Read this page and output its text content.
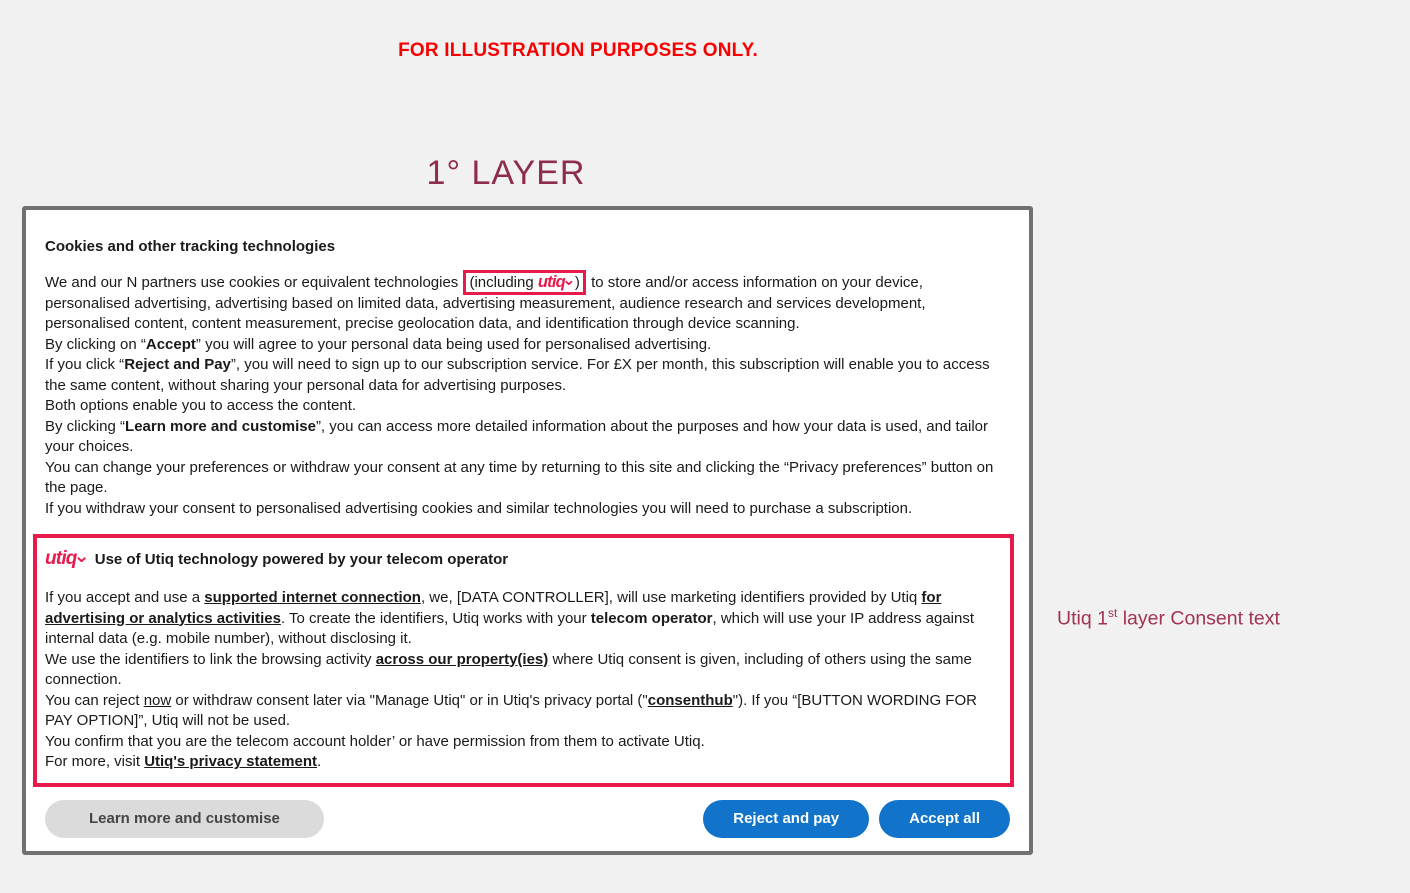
FOR ILLUSTRATION PURPOSES ONLY.
1° LAYER
Cookies and other tracking technologies
We and our N partners use cookies or equivalent technologies (including utiq ⌄ ) to store and/or access information on your device, personalised advertising, advertising based on limited data, advertising measurement, audience research and services development, personalised content, content measurement, precise geolocation data, and identification through device scanning.
By clicking on “Accept” you will agree to your personal data being used for personalised advertising.
If you click “Reject and Pay”, you will need to sign up to our subscription service. For £X per month, this subscription will enable you to access the same content, without sharing your personal data for advertising purposes.
Both options enable you to access the content.
By clicking “Learn more and customise”, you can access more detailed information about the purposes and how your data is used, and tailor your choices.
You can change your preferences or withdraw your consent at any time by returning to this site and clicking the “Privacy preferences” button on the page.
If you withdraw your consent to personalised advertising cookies and similar technologies you will need to purchase a subscription.
utiq ⌄ Use of Utiq technology powered by your telecom operator
If you accept and use a supported internet connection, we, [DATA CONTROLLER], will use marketing identifiers provided by Utiq for advertising or analytics activities. To create the identifiers, Utiq works with your telecom operator, which will use your IP address against internal data (e.g. mobile number), without disclosing it.
We use the identifiers to link the browsing activity across our property(ies) where Utiq consent is given, including of others using the same connection.
You can reject now or withdraw consent later via "Manage Utiq" or in Utiq's privacy portal ("consenthub"). If you “[BUTTON WORDING FOR PAY OPTION]”, Utiq will not be used.
You confirm that you are the telecom account holder’ or have permission from them to activate Utiq.
For more, visit Utiq's privacy statement.
Learn more and customise	Reject and pay	Accept all
Utiq 1st layer Consent text
